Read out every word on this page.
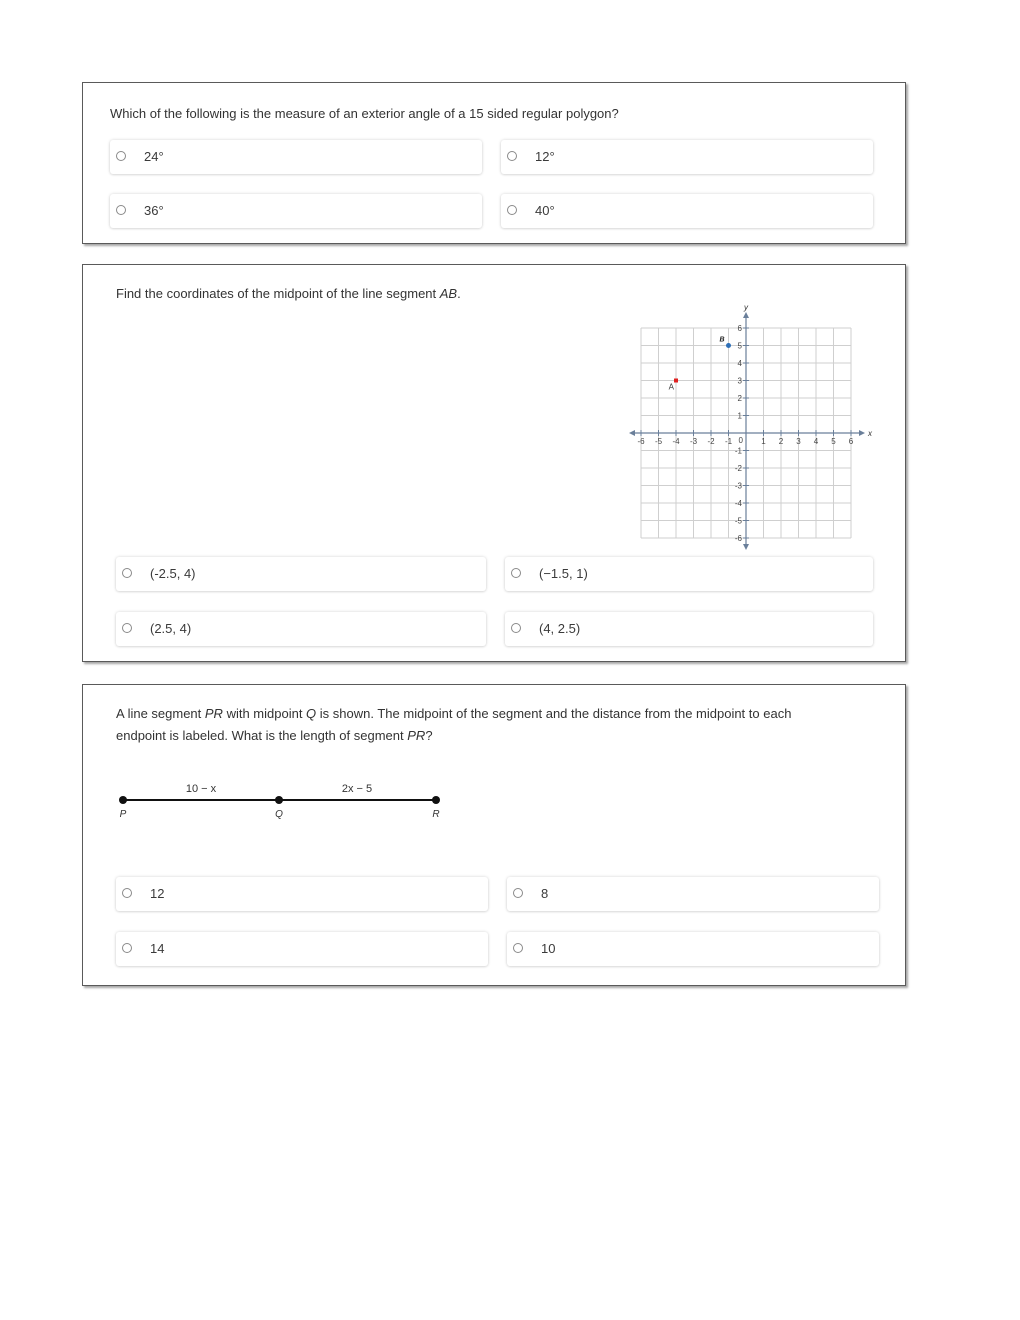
Which of the following is the measure of an exterior angle of a 15 sided regular polygon?
24°	12°
36°	40°
Find the coordinates of the midpoint of the line segment AB.
x
y
-6 -5 -4 -3 -2 -1	1 2 3 4 5 6
6
5
4
3
2
1
-1
-2
-3
-4
-5
-6
0
A
B
(-2.5, 4)	(−1.5, 1)
(2.5, 4)	(4, 2.5)
A line segment PR with midpoint Q is shown. The midpoint of the segment and the distance from the midpoint to each
endpoint is labeled. What is the length of segment PR?
10 − x	2x − 5
P	Q	R
12	8
14	10
